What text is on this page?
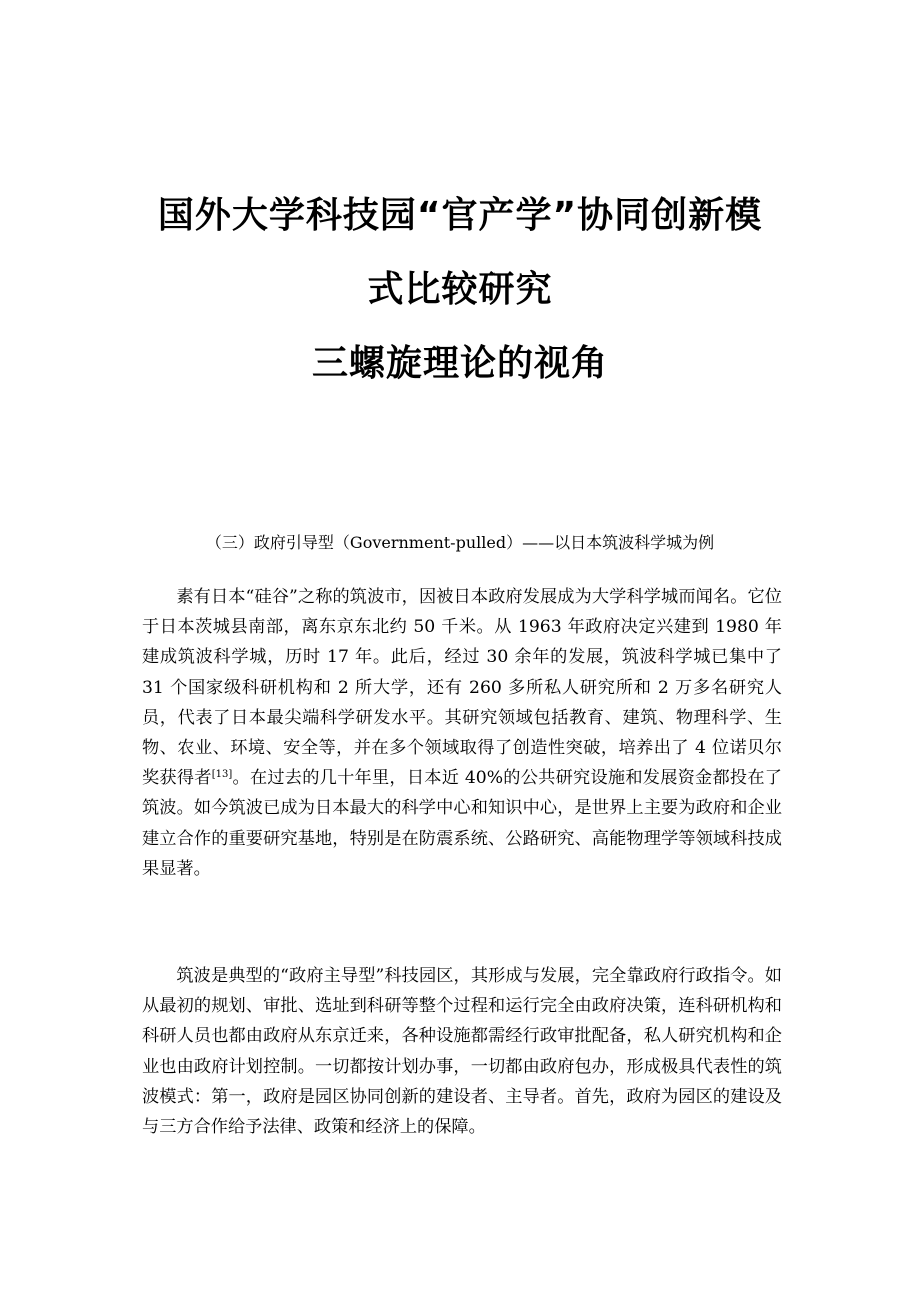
国外大学科技园“官产学”协同创新模
式比较研究
三螺旋理论的视角
（三）政府引导型（Government-pulled）——以日本筑波科学城为例

素有日本“硅谷”之称的筑波市，因被日本政府发展成为大学科学城而闻名。它位于日本茨城县南部，离东京东北约 50 千米。从 1963 年政府决定兴建到 1980 年建成筑波科学城，历时 17 年。此后，经过 30 余年的发展，筑波科学城已集中了 31 个国家级科研机构和 2 所大学，还有 260 多所私人研究所和 2 万多名研究人员，代表了日本最尖端科学研发水平。其研究领域包括教育、建筑、物理科学、生物、农业、环境、安全等，并在多个领域取得了创造性突破，培养出了 4 位诺贝尔奖获得者[13]。在过去的几十年里，日本近 40%的公共研究设施和发展资金都投在了筑波。如今筑波已成为日本最大的科学中心和知识中心，是世界上主要为政府和企业建立合作的重要研究基地，特别是在防震系统、公路研究、高能物理学等领域科技成果显著。

筑波是典型的“政府主导型”科技园区，其形成与发展，完全靠政府行政指令。如从最初的规划、审批、选址到科研等整个过程和运行完全由政府决策，连科研机构和科研人员也都由政府从东京迁来，各种设施都需经行政审批配备，私人研究机构和企业也由政府计划控制。一切都按计划办事，一切都由政府包办，形成极具代表性的筑波模式：第一，政府是园区协同创新的建设者、主导者。首先，政府为园区的建设及与三方合作给予法律、政策和经济上的保障。
